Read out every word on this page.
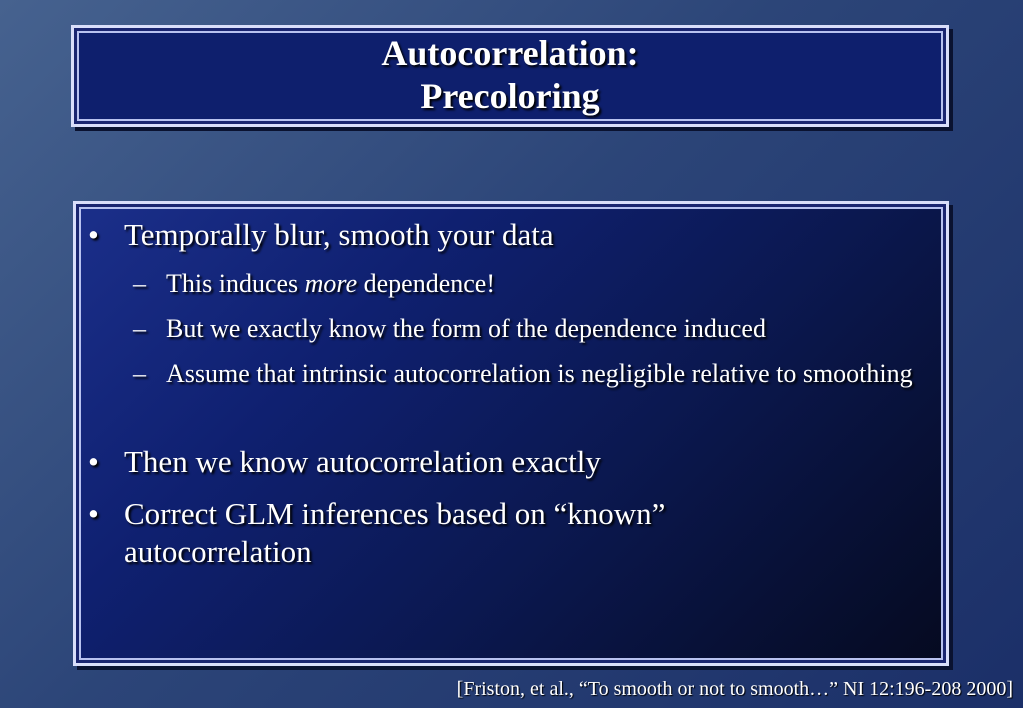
Autocorrelation:
Precoloring
• Temporally blur, smooth your data
– This induces more dependence!
– But we exactly know the form of the dependence induced
– Assume that intrinsic autocorrelation is negligible relative to smoothing
• Then we know autocorrelation exactly
• Correct GLM inferences based on “known” autocorrelation
[Friston, et al., “To smooth or not to smooth…” NI 12:196-208 2000]
